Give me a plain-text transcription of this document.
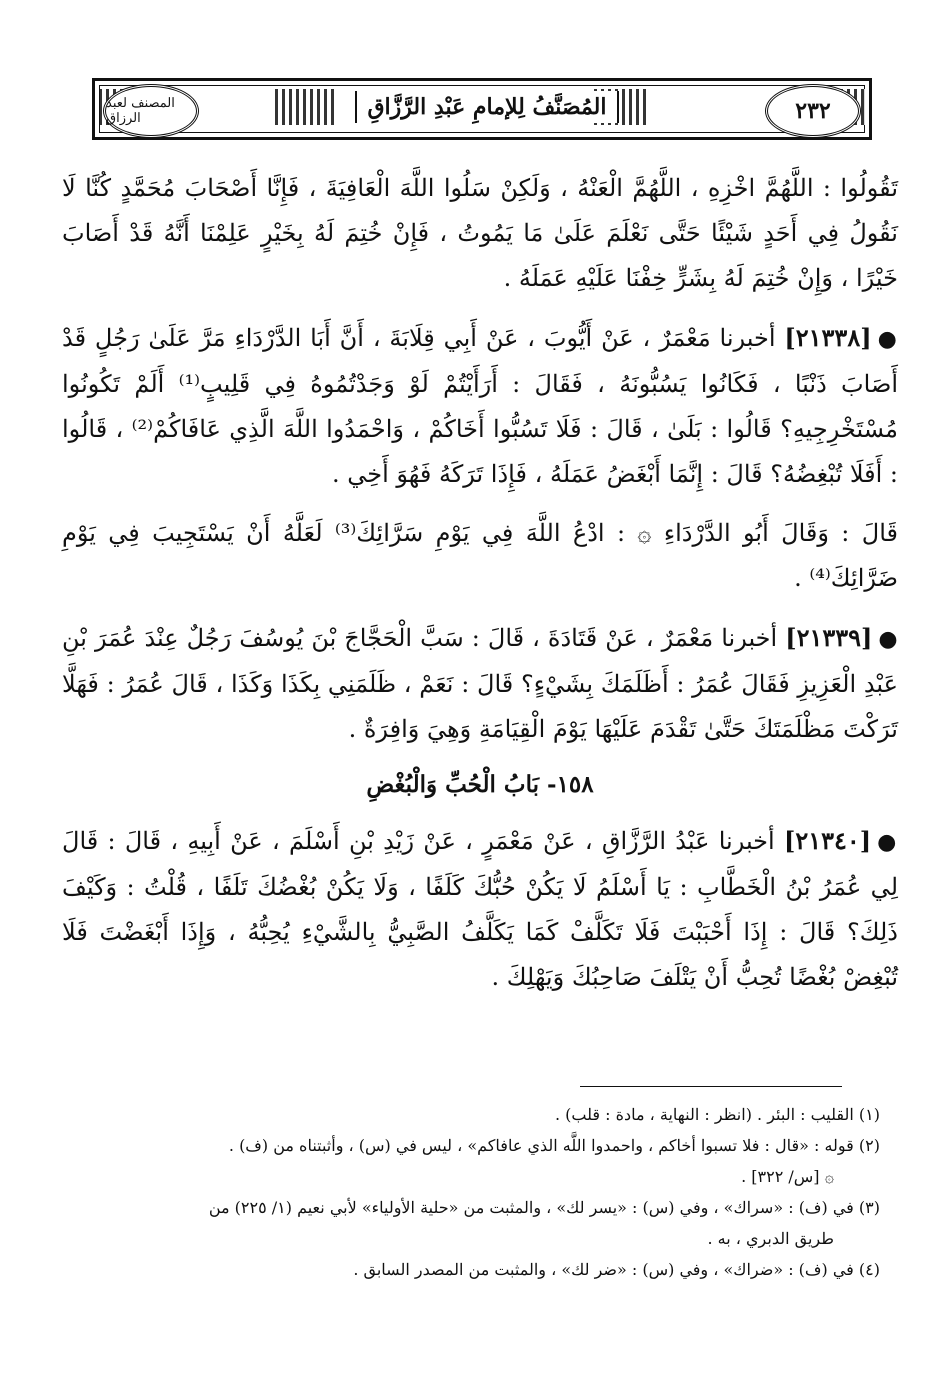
المصنف لعبد الرزاق	المُصَنَّفُ لِلإمامِ عَبْدِ الرَّزَّاقِ	٢٣٢

تَقُولُوا : اللَّهُمَّ اخْزِهِ ، اللَّهُمَّ الْعَنْهُ ، وَلَكِنْ سَلُوا اللَّهَ الْعَافِيَةَ ، فَإِنَّا أَصْحَابَ مُحَمَّدٍ كُنَّا لَا نَقُولُ فِي أَحَدٍ شَيْئًا حَتَّى نَعْلَمَ عَلَىٰ مَا يَمُوتُ ، فَإِنْ خُتِمَ لَهُ بِخَيْرٍ عَلِمْنَا أَنَّهُ قَدْ أَصَابَ خَيْرًا ، وَإِنْ خُتِمَ لَهُ بِشَرٍّ خِفْنَا عَلَيْهِ عَمَلَهُ .

●[٢١٣٣٨] أخبرنا مَعْمَرٌ ، عَنْ أَيُّوبَ ، عَنْ أَبِي قِلَابَةَ ، أَنَّ أَبَا الدَّرْدَاءِ مَرَّ عَلَىٰ رَجُلٍ قَدْ أَصَابَ ذَنْبًا ، فَكَانُوا يَسُبُّونَهُ ، فَقَالَ : أَرَأَيْتُمْ لَوْ وَجَدْتُمُوهُ فِي قَلِيبٍ⁽¹⁾ أَلَمْ تَكُونُوا مُسْتَخْرِجِيهِ؟ قَالُوا : بَلَىٰ ، قَالَ : فَلَا تَسُبُّوا أَخَاكُمْ ، وَاحْمَدُوا اللَّهَ الَّذِي عَافَاكُمْ⁽²⁾ ، قَالُوا : أَفَلَا تُبْغِضُهُ؟ قَالَ : إِنَّمَا أَبْغَضُ عَمَلَهُ ، فَإِذَا تَرَكَهُ فَهُوَ أَخِي .

قَالَ : وَقَالَ أَبُو الدَّرْدَاءِ ۞ : ادْعُ اللَّهَ فِي يَوْمِ سَرَّائِكَ⁽³⁾ لَعَلَّهُ أَنْ يَسْتَجِيبَ فِي يَوْمِ ضَرَّائِكَ⁽⁴⁾ .

●[٢١٣٣٩] أخبرنا مَعْمَرٌ ، عَنْ قَتَادَةَ ، قَالَ : سَبَّ الْحَجَّاجَ بْنَ يُوسُفَ رَجُلٌ عِنْدَ عُمَرَ بْنِ عَبْدِ الْعَزِيزِ فَقَالَ عُمَرُ : أَظَلَمَكَ بِشَيْءٍ؟ قَالَ : نَعَمْ ، ظَلَمَنِي بِكَذَا وَكَذَا ، قَالَ عُمَرُ : فَهَلَّا تَرَكْتَ مَظْلَمَتَكَ حَتَّىٰ تَقْدَمَ عَلَيْهَا يَوْمَ الْقِيَامَةِ وَهِيَ وَافِرَةٌ .

١٥٨- بَابُ الْحُبِّ وَالْبُغْضِ

●[٢١٣٤٠] أخبرنا عَبْدُ الرَّزَّاقِ ، عَنْ مَعْمَرٍ ، عَنْ زَيْدِ بْنِ أَسْلَمَ ، عَنْ أَبِيهِ ، قَالَ : قَالَ لِي عُمَرُ بْنُ الْخَطَّابِ : يَا أَسْلَمُ لَا يَكُنْ حُبُّكَ كَلَفًا ، وَلَا يَكُنْ بُغْضُكَ تَلَفًا ، قُلْتُ : وَكَيْفَ ذَلِكَ؟ قَالَ : إِذَا أَحْبَبْتَ فَلَا تَكَلَّفْ كَمَا يَكَلَّفُ الصَّبِيُّ بِالشَّيْءِ يُحِبُّهُ ، وَإِذَا أَبْغَضْتَ فَلَا تُبْغِضْ بُغْضًا تُحِبُّ أَنْ يَتْلَفَ صَاحِبُكَ وَيَهْلِكَ .

(١) القليب : البئر . (انظر : النهاية ، مادة : قلب) .
(٢) قوله : «قال : فلا تسبوا أخاكم ، واحمدوا اللَّه الذي عافاكم» ، ليس في (س) ، وأثبتناه من (ف) .
۞ [س/ ٣٢٢] .
(٣) في (ف) : «سراك» ، وفي (س) : «يسر لك» ، والمثبت من «حلية الأولياء» لأبي نعيم (١/ ٢٢٥) من
طريق الدبري ، به .
(٤) في (ف) : «ضراك» ، وفي (س) : «ضر لك» ، والمثبت من المصدر السابق .
